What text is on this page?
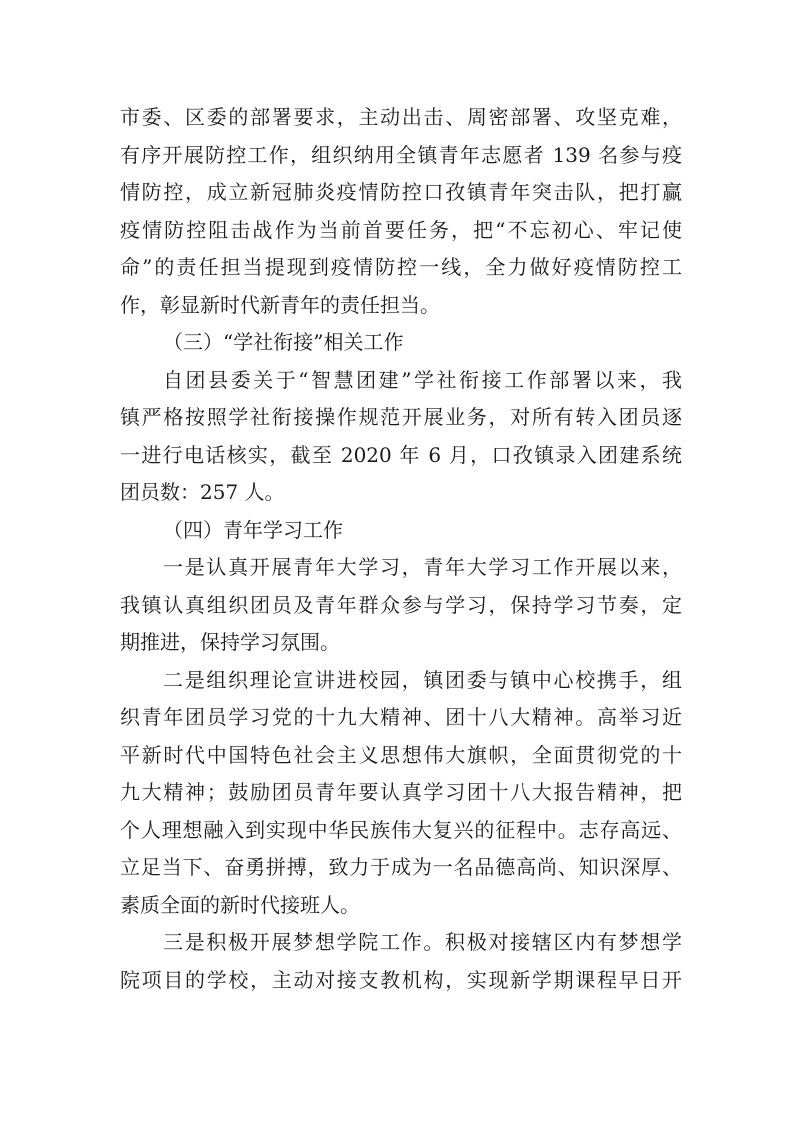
市委、区委的部署要求，主动出击、周密部署、攻坚克难，
有序开展防控工作，组织纳用全镇青年志愿者 139 名参与疫
情防控，成立新冠肺炎疫情防控口孜镇青年突击队，把打赢
疫情防控阻击战作为当前首要任务，把“不忘初心、牢记使
命”的责任担当提现到疫情防控一线，全力做好疫情防控工
作，彰显新时代新青年的责任担当。
（三）“学社衔接”相关工作
自团县委关于“智慧团建”学社衔接工作部署以来，我
镇严格按照学社衔接操作规范开展业务，对所有转入团员逐
一进行电话核实，截至 2020 年 6 月，口孜镇录入团建系统
团员数：257 人。
（四）青年学习工作
一是认真开展青年大学习，青年大学习工作开展以来，
我镇认真组织团员及青年群众参与学习，保持学习节奏，定
期推进，保持学习氛围。
二是组织理论宣讲进校园，镇团委与镇中心校携手，组
织青年团员学习党的十九大精神、团十八大精神。高举习近
平新时代中国特色社会主义思想伟大旗帜，全面贯彻党的十
九大精神；鼓励团员青年要认真学习团十八大报告精神，把
个人理想融入到实现中华民族伟大复兴的征程中。志存高远、
立足当下、奋勇拼搏，致力于成为一名品德高尚、知识深厚、
素质全面的新时代接班人。
三是积极开展梦想学院工作。积极对接辖区内有梦想学
院项目的学校，主动对接支教机构，实现新学期课程早日开
